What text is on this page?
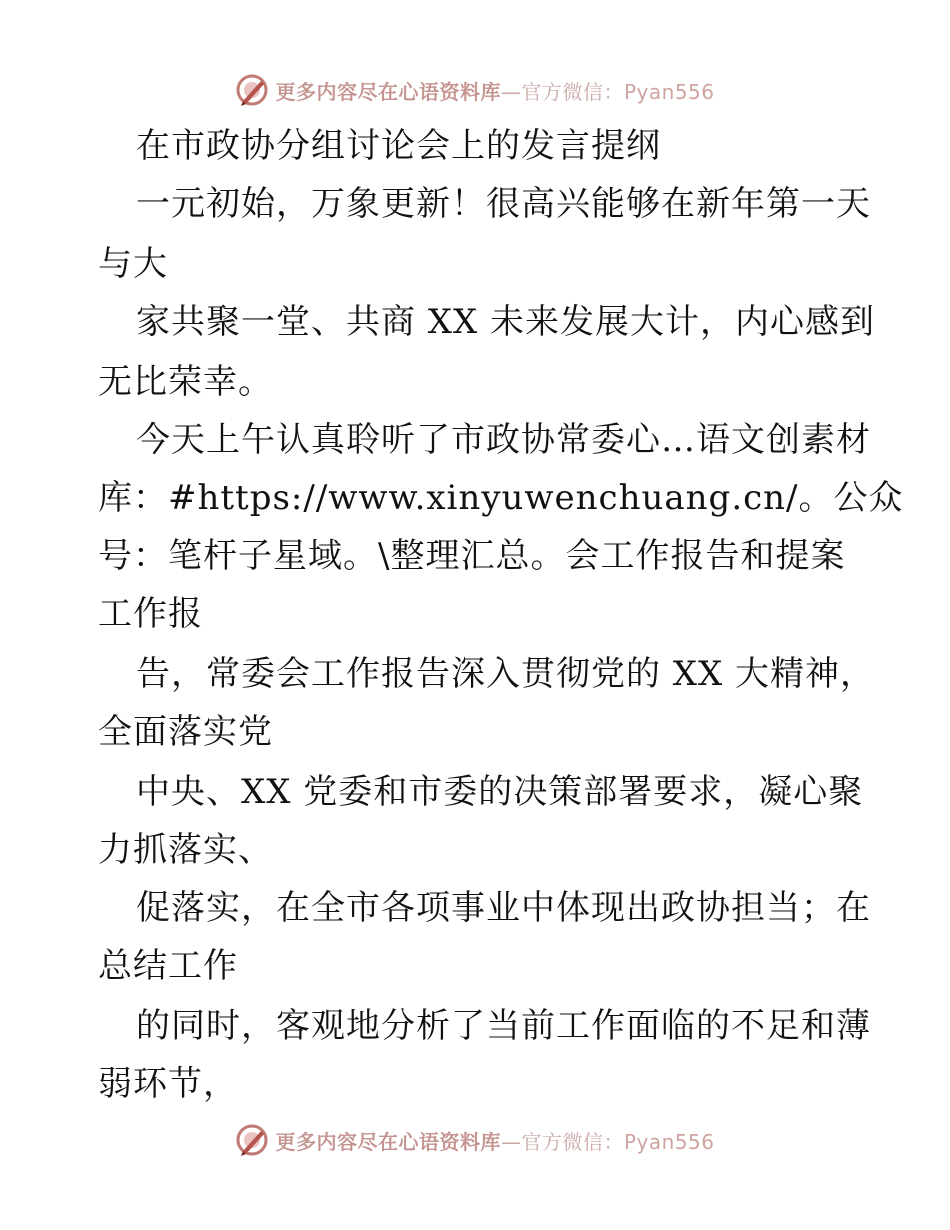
更多内容尽在心语资料库—官方微信：Pyan556
在市政协分组讨论会上的发言提纲
一元初始，万象更新！很高兴能够在新年第一天
与大
家共聚一堂、共商 XX 未来发展大计，内心感到
无比荣幸。
今天上午认真聆听了市政协常委心…语文创素材
库：#https://www.xinyuwenchuang.cn/。公众
号：笔杆子星域。\整理汇总。会工作报告和提案
工作报
告，常委会工作报告深入贯彻党的 XX 大精神，
全面落实党
中央、XX 党委和市委的决策部署要求，凝心聚
力抓落实、
促落实，在全市各项事业中体现出政协担当；在
总结工作
的同时，客观地分析了当前工作面临的不足和薄
弱环节，
更多内容尽在心语资料库—官方微信：Pyan556
